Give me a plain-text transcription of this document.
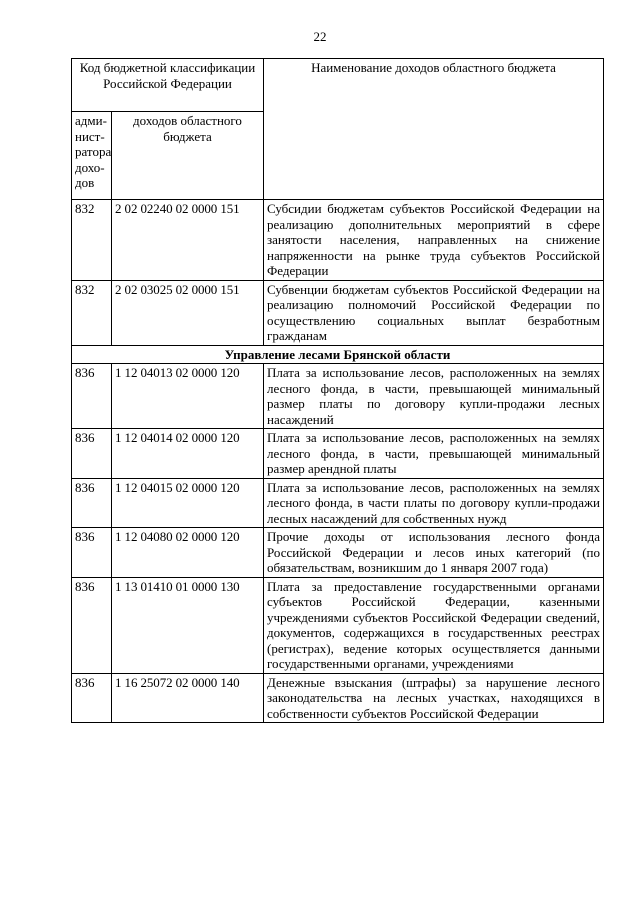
22
Код бюджетной классификации Российской Федерации		Наименование доходов областного бюджета
адми-нист-ратора дохо-дов	доходов областного бюджета	
832	2 02 02240 02 0000 151	Субсидии бюджетам субъектов Российской Федерации на реализацию дополнительных мероприятий в сфере занятости населения, направленных на снижение напряженности на рынке труда субъектов Российской Федерации
832	2 02 03025 02 0000 151	Субвенции бюджетам субъектов Российской Федерации на реализацию полномочий Российской Федерации по осуществлению социальных выплат безработным гражданам
Управление лесами Брянской области		
836	1 12 04013 02 0000 120	Плата за использование лесов, расположенных на землях лесного фонда, в части, превышающей минимальный размер платы по договору купли-продажи лесных насаждений
836	1 12 04014 02 0000 120	Плата за использование лесов, расположенных на землях лесного фонда, в части, превышающей минимальный размер арендной платы
836	1 12 04015 02 0000 120	Плата за использование лесов, расположенных на землях лесного фонда, в части платы по договору купли-продажи лесных насаждений для собственных нужд
836	1 12 04080 02 0000 120	Прочие доходы от использования лесного фонда Российской Федерации и лесов иных категорий (по обязательствам, возникшим до 1 января 2007 года)
836	1 13 01410 01 0000 130	Плата за предоставление государственными органами субъектов Российской Федерации, казенными учреждениями субъектов Российской Федерации сведений, документов, содержащихся в государственных реестрах (регистрах), ведение которых осуществляется данными государственными органами, учреждениями
836	1 16 25072 02 0000 140	Денежные взыскания (штрафы) за нарушение лесного законодательства на лесных участках, находящихся в собственности субъектов Российской Федерации
